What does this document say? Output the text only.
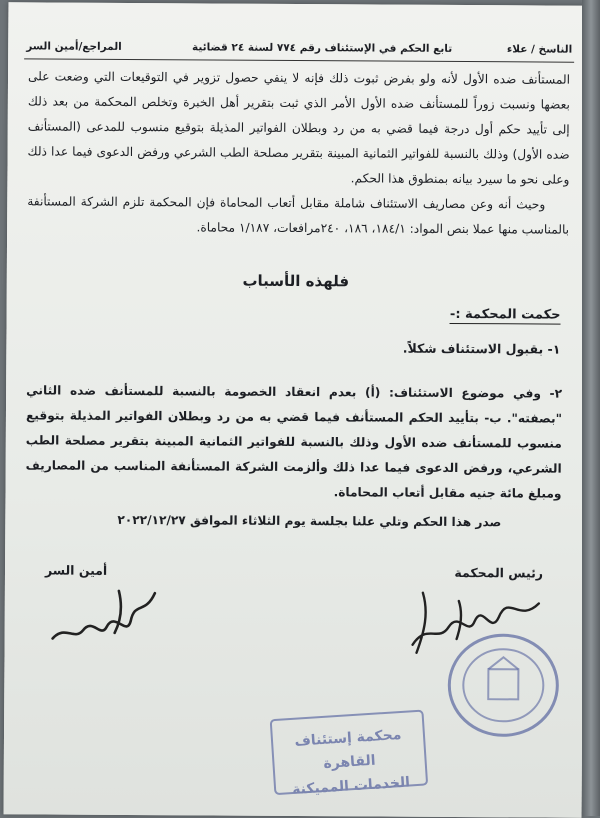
الناسخ / علاء
تابع الحكم في الإستئناف رقم ٧٧٤ لسنة ٢٤ قضائية
المراجع/أمين السر

المستأنف ضده الأول لأنه ولو بفرض ثبوت ذلك فإنه لا ينفي حصول تزوير في التوقيعات التي وضعت على بعضها ونسبت زوراً للمستأنف ضده الأول الأمر الذي ثبت بتقرير أهل الخبرة وتخلص المحكمة من بعد ذلك إلى تأييد حكم أول درجة فيما قضي به من رد وبطلان الفواتير المذيلة بتوقيع منسوب للمدعى (المستأنف ضده الأول) وذلك بالنسبة للفواتير الثمانية المبينة بتقرير مصلحة الطب الشرعي ورفض الدعوى فيما عدا ذلك وعلى نحو ما سيرد بيانه بمنطوق هذا الحكم.

وحيث أنه وعن مصاريف الاستئناف شاملة مقابل أتعاب المحاماة فإن المحكمة تلزم الشركة المستأنفة بالمناسب منها عملا بنص المواد: ١٨٤/١، ١٨٦، ٢٤٠مرافعات، ١/١٨٧ محاماة.

فلهذه الأسباب
حكمت المحكمة :-
١- بقبول الاستئناف شكلاً.
٢- وفي موضوع الاستئناف: (أ) بعدم انعقاد الخصومة بالنسبة للمستأنف ضده الثاني "بصفته". ب- بتأييد الحكم المستأنف فيما قضي به من رد وبطلان الفواتير المذيلة بتوقيع منسوب للمستأنف ضده الأول وذلك بالنسبة للفواتير الثمانية المبينة بتقرير مصلحة الطب الشرعي، ورفض الدعوى فيما عدا ذلك وألزمت الشركة المستأنفة المناسب من المصاريف ومبلغ مائة جنيه مقابل أتعاب المحاماة.
صدر هذا الحكم وتلي علنا بجلسة يوم الثلاثاء الموافق ٢٠٢٢/١٢/٢٧
رئيس المحكمة
أمين السر
محكمة إستئناف القاهرة
الخدمات المميكنة
